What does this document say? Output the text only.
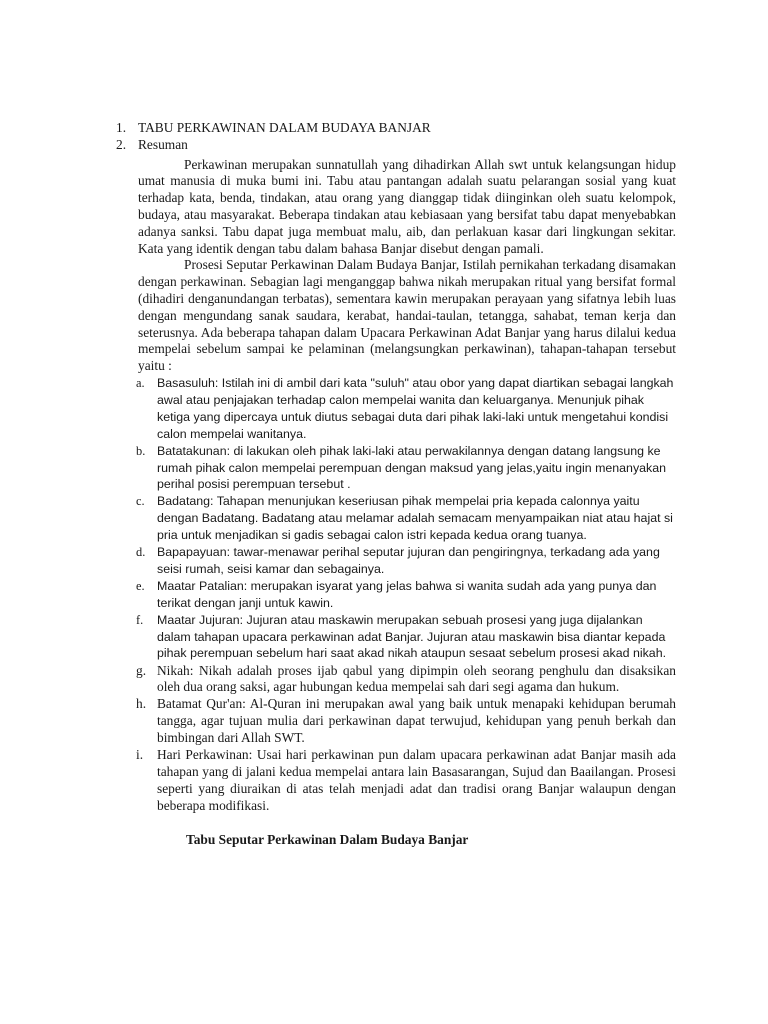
1. TABU PERKAWINAN DALAM BUDAYA BANJAR
2. Resuman

Perkawinan merupakan sunnatullah yang dihadirkan Allah swt untuk kelangsungan hidup umat manusia di muka bumi ini. Tabu atau pantangan adalah suatu pelarangan sosial yang kuat terhadap kata, benda, tindakan, atau orang yang dianggap tidak diinginkan oleh suatu kelompok, budaya, atau masyarakat. Beberapa tindakan atau kebiasaan yang bersifat tabu dapat menyebabkan adanya sanksi. Tabu dapat juga membuat malu, aib, dan perlakuan kasar dari lingkungan sekitar. Kata yang identik dengan tabu dalam bahasa Banjar disebut dengan pamali.

Prosesi Seputar Perkawinan Dalam Budaya Banjar, Istilah pernikahan terkadang disamakan dengan perkawinan. Sebagian lagi menganggap bahwa nikah merupakan ritual yang bersifat formal (dihadiri denganundangan terbatas), sementara kawin merupakan perayaan yang sifatnya lebih luas dengan mengundang sanak saudara, kerabat, handai-taulan, tetangga, sahabat, teman kerja dan seterusnya. Ada beberapa tahapan dalam Upacara Perkawinan Adat Banjar yang harus dilalui kedua mempelai sebelum sampai ke pelaminan (melangsungkan perkawinan), tahapan-tahapan tersebut yaitu :

a. Basasuluh: Istilah ini di ambil dari kata "suluh" atau obor yang dapat diartikan sebagai langkah awal atau penjajakan terhadap calon mempelai wanita dan keluarganya. Menunjuk pihak ketiga yang dipercaya untuk diutus sebagai duta dari pihak laki-laki untuk mengetahui kondisi calon mempelai wanitanya.
b. Batatakunan: di lakukan oleh pihak laki-laki atau perwakilannya dengan datang langsung ke rumah pihak calon mempelai perempuan dengan maksud yang jelas,yaitu ingin menanyakan perihal posisi perempuan tersebut .
c. Badatang: Tahapan menunjukan keseriusan pihak mempelai pria kepada calonnya yaitu dengan Badatang. Badatang atau melamar adalah semacam menyampaikan niat atau hajat si pria untuk menjadikan si gadis sebagai calon istri kepada kedua orang tuanya.
d. Bapapayuan: tawar-menawar perihal seputar jujuran dan pengiringnya, terkadang ada yang seisi rumah, seisi kamar dan sebagainya.
e. Maatar Patalian: merupakan isyarat yang jelas bahwa si wanita sudah ada yang punya dan terikat dengan janji untuk kawin.
f. Maatar Jujuran: Jujuran atau maskawin merupakan sebuah prosesi yang juga dijalankan dalam tahapan upacara perkawinan adat Banjar. Jujuran atau maskawin bisa diantar kepada pihak perempuan sebelum hari saat akad nikah ataupun sesaat sebelum prosesi akad nikah.
g. Nikah: Nikah adalah proses ijab qabul yang dipimpin oleh seorang penghulu dan disaksikan oleh dua orang saksi, agar hubungan kedua mempelai sah dari segi agama dan hukum.
h. Batamat Qur'an: Al-Quran ini merupakan awal yang baik untuk menapaki kehidupan berumah tangga, agar tujuan mulia dari perkawinan dapat terwujud, kehidupan yang penuh berkah dan bimbingan dari Allah SWT.
i. Hari Perkawinan: Usai hari perkawinan pun dalam upacara perkawinan adat Banjar masih ada tahapan yang di jalani kedua mempelai antara lain Basasarangan, Sujud dan Baailangan. Prosesi seperti yang diuraikan di atas telah menjadi adat dan tradisi orang Banjar walaupun dengan beberapa modifikasi.
Tabu Seputar Perkawinan Dalam Budaya Banjar
